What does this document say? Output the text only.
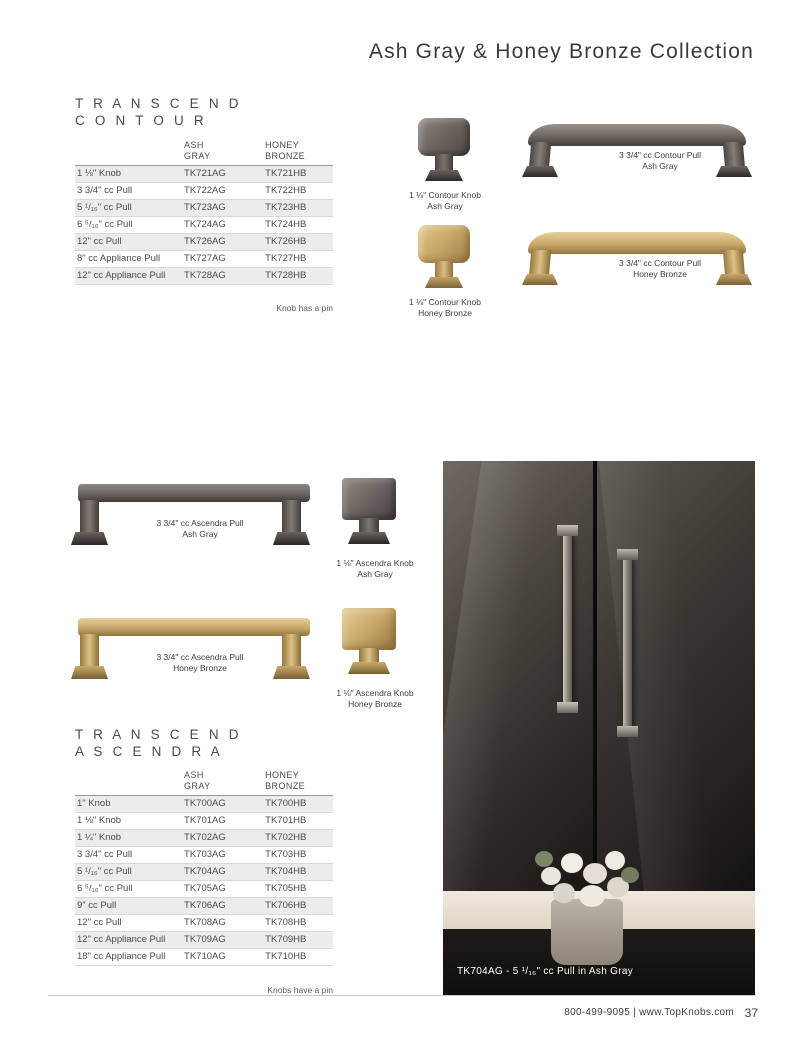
Ash Gray & Honey Bronze Collection
T R A N S C E N D
C O N T O U R
	ASH
GRAY	HONEY
BRONZE
1 ⅛" Knob	TK721AG	TK721HB
3 3/4" cc Pull	TK722AG	TK722HB
5 ¹/₁₆" cc Pull	TK723AG	TK723HB
6 ⁵/₁₆" cc Pull	TK724AG	TK724HB
12" cc Pull	TK726AG	TK726HB
8" cc Appliance Pull	TK727AG	TK727HB
12" cc Appliance Pull	TK728AG	TK728HB
Knob has a pin
1 ⅛" Contour Knob
Ash Gray
1 ⅛" Contour Knob
Honey Bronze
3 3/4" cc Contour Pull
Ash Gray
3 3/4" cc Contour Pull
Honey Bronze
3 3/4" cc Ascendra Pull
Ash Gray
3 3/4" cc Ascendra Pull
Honey Bronze
1 ⅛" Ascendra Knob
Ash Gray
1 ⅛" Ascendra Knob
Honey Bronze
T R A N S C E N D
A S C E N D R A
	ASH
GRAY	HONEY
BRONZE
1" Knob	TK700AG	TK700HB
1 ⅛" Knob	TK701AG	TK701HB
1 ¼" Knob	TK702AG	TK702HB
3 3/4" cc Pull	TK703AG	TK703HB
5 ¹/₁₆" cc Pull	TK704AG	TK704HB
6 ⁵/₁₆" cc Pull	TK705AG	TK705HB
9" cc Pull	TK706AG	TK706HB
12" cc Pull	TK708AG	TK708HB
12" cc Appliance Pull	TK709AG	TK709HB
18" cc Appliance Pull	TK710AG	TK710HB
Knobs have a pin
TK704AG - 5 ¹/₁₆" cc Pull in Ash Gray
800-499-9095 | www.TopKnobs.com 37
